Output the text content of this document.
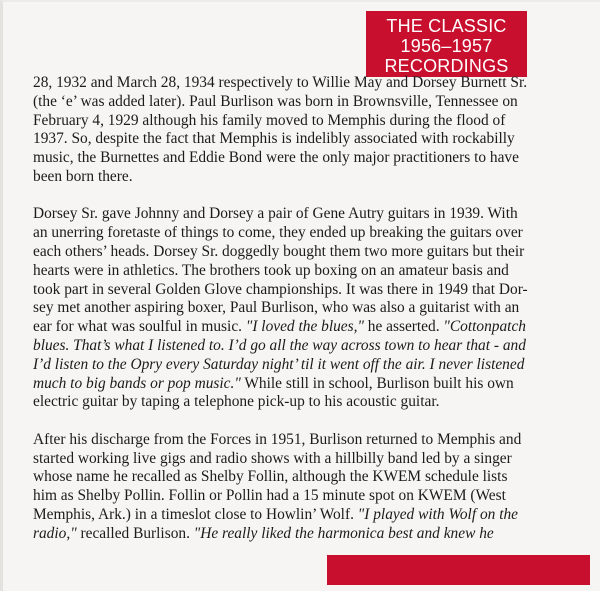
THE CLASSIC
1956–1957
RECORDINGS

28, 1932 and March 28, 1934 respectively to Willie May and Dorsey Burnett Sr.
(the ‘e’ was added later). Paul Burlison was born in Brownsville, Tennessee on
February 4, 1929 although his family moved to Memphis during the flood of
1937. So, despite the fact that Memphis is indelibly associated with rockabilly
music, the Burnettes and Eddie Bond were the only major practitioners to have
been born there.

Dorsey Sr. gave Johnny and Dorsey a pair of Gene Autry guitars in 1939. With
an unerring foretaste of things to come, they ended up breaking the guitars over
each others’ heads. Dorsey Sr. doggedly bought them two more guitars but their
hearts were in athletics. The brothers took up boxing on an amateur basis and
took part in several Golden Glove championships. It was there in 1949 that Dor-
sey met another aspiring boxer, Paul Burlison, who was also a guitarist with an
ear for what was soulful in music. "I loved the blues," he asserted. "Cottonpatch
blues. That’s what I listened to. I’d go all the way across town to hear that - and
I’d listen to the Opry every Saturday night’ til it went off the air. I never listened
much to big bands or pop music." While still in school, Burlison built his own
electric guitar by taping a telephone pick-up to his acoustic guitar.

After his discharge from the Forces in 1951, Burlison returned to Memphis and
started working live gigs and radio shows with a hillbilly band led by a singer
whose name he recalled as Shelby Follin, although the KWEM schedule lists
him as Shelby Pollin. Follin or Pollin had a 15 minute spot on KWEM (West
Memphis, Ark.) in a timeslot close to Howlin’ Wolf. "I played with Wolf on the
radio," recalled Burlison. "He really liked the harmonica best and knew he
